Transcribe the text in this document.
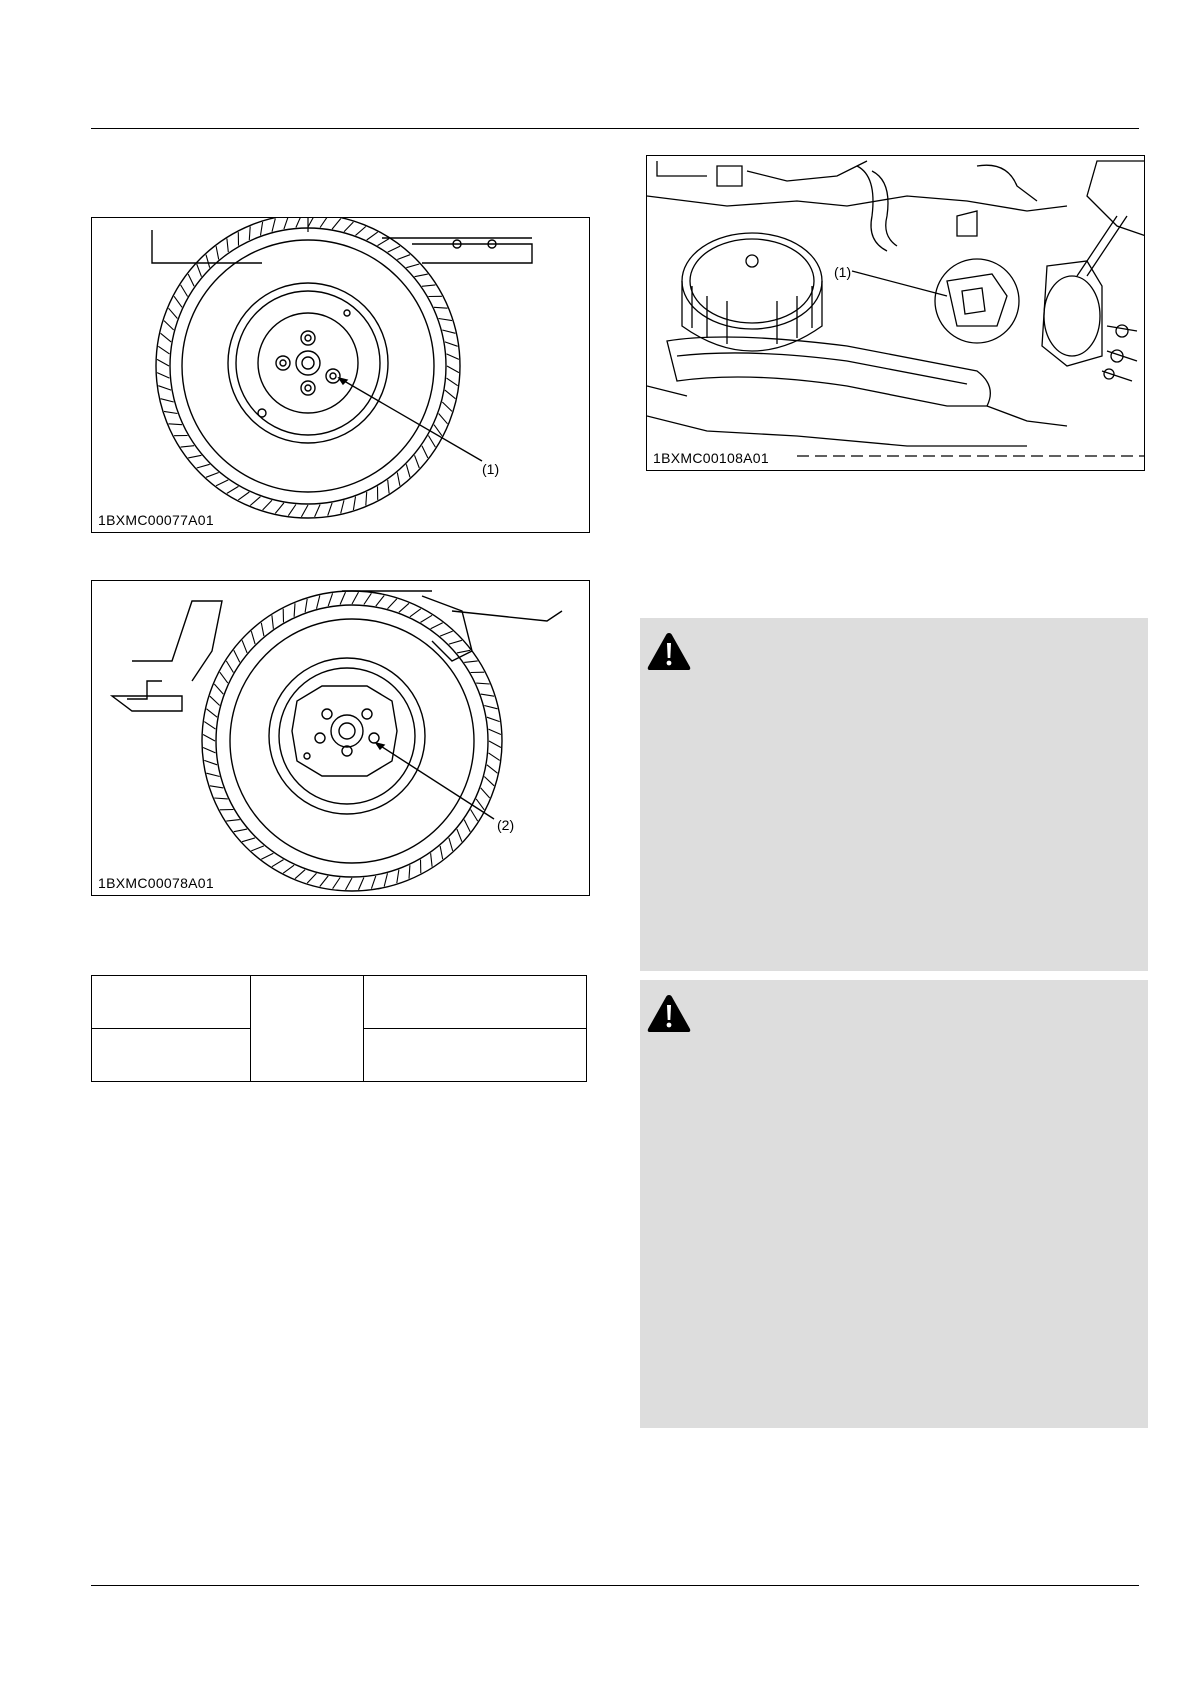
(1)
1BXMC00077A01
(2)
1BXMC00078A01
(1)
1BXMC00108A01
